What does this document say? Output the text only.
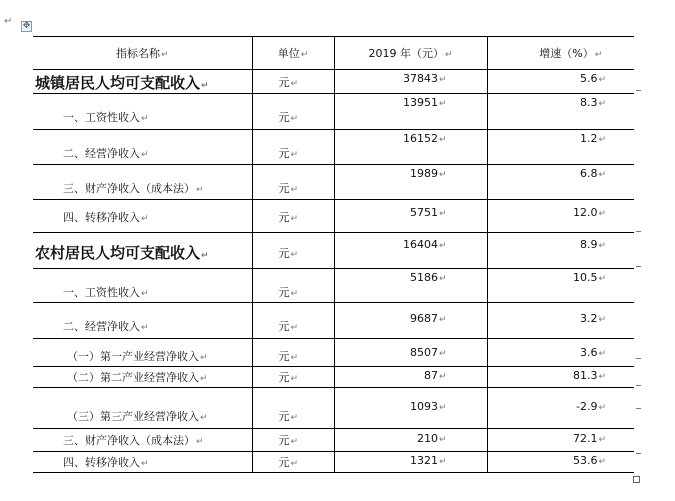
✥
↵
指标名称↵	单位↵	2019 年（元）↵	增速（%）↵
城镇居民人均可支配收入↵	元↵	37843↵	5.6↵
一、工资性收入↵	元↵	13951↵	8.3↵
二、经营净收入↵	元↵	16152↵	1.2↵
三、财产净收入（成本法）↵	元↵	1989↵	6.8↵
四、转移净收入↵	元↵	5751↵	12.0↵
农村居民人均可支配收入↵	元↵	16404↵	8.9↵
一、工资性收入↵	元↵	5186↵	10.5↵
二、经营净收入↵	元↵	9687↵	3.2↵
（一）第一产业经营净收入↵	元↵	8507↵	3.6↵
（二）第二产业经营净收入↵	元↵	87↵	81.3↵
（三）第三产业经营净收入↵	元↵	1093↵	-2.9↵
三、财产净收入（成本法）↵	元↵	210↵	72.1↵
四、转移净收入↵	元↵	1321↵	53.6↵
